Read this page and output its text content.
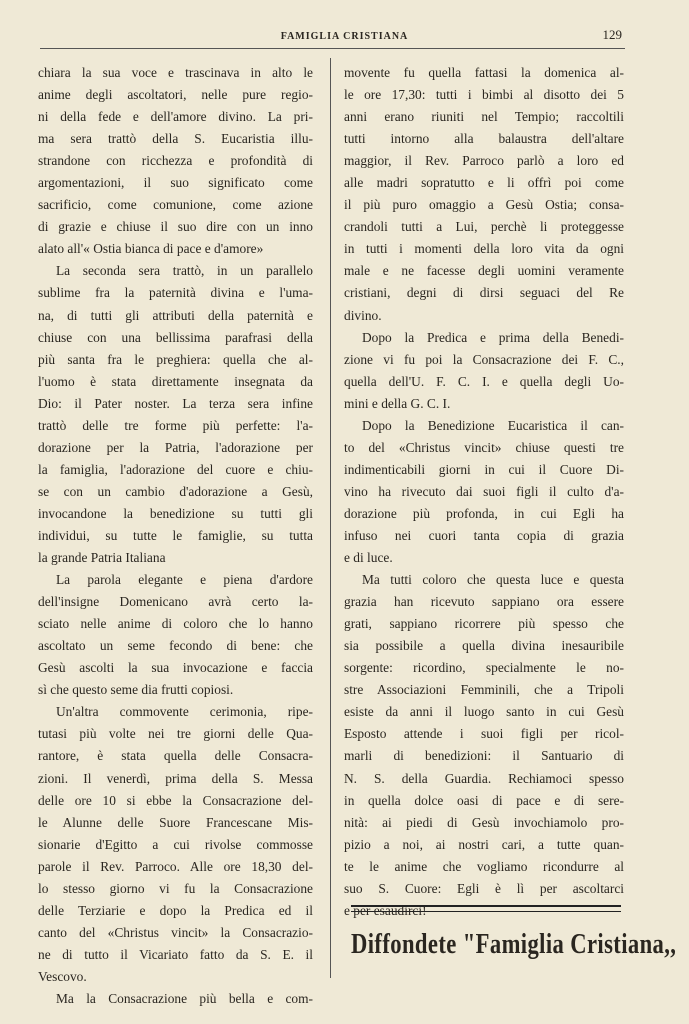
FAMIGLIA CRISTIANA	129
chiara la sua voce e trascinava in alto le
anime degli ascoltatori, nelle pure regio-
ni della fede e dell'amore divino. La pri-
ma sera trattò della S. Eucaristia illu-
strandone con ricchezza e profondità di
argomentazioni, il suo significato come
sacrificio, come comunione, come azione
di grazie e chiuse il suo dire con un inno
alato all'« Ostia bianca di pace e d'amore»
La seconda sera trattò, in un parallelo
sublime fra la paternità divina e l'uma-
na, di tutti gli attributi della paternità e
chiuse con una bellissima parafrasi della
più santa fra le preghiera: quella che al-
l'uomo è stata direttamente insegnata da
Dio: il Pater noster. La terza sera infine
trattò delle tre forme più perfette: l'a-
dorazione per la Patria, l'adorazione per
la famiglia, l'adorazione del cuore e chiu-
se con un cambio d'adorazione a Gesù,
invocandone la benedizione su tutti gli
individui, su tutte le famiglie, su tutta
la grande Patria Italiana
La parola elegante e piena d'ardore
dell'insigne Domenicano avrà certo la-
sciato nelle anime di coloro che lo hanno
ascoltato un seme fecondo di bene: che
Gesù ascolti la sua invocazione e faccia
sì che questo seme dia frutti copiosi.
Un'altra commovente cerimonia, ripe-
tutasi più volte nei tre giorni delle Qua-
rantore, è stata quella delle Consacra-
zioni. Il venerdì, prima della S. Messa
delle ore 10 si ebbe la Consacrazione del-
le Alunne delle Suore Francescane Mis-
sionarie d'Egitto a cui rivolse commosse
parole il Rev. Parroco. Alle ore 18,30 del-
lo stesso giorno vi fu la Consacrazione
delle Terziarie e dopo la Predica ed il
canto del «Christus vincit» la Consacrazio-
ne di tutto il Vicariato fatto da S. E. il
Vescovo.
Ma la Consacrazione più bella e com-
movente fu quella fattasi la domenica al-
le ore 17,30: tutti i bimbi al disotto dei 5
anni erano riuniti nel Tempio; raccoltili
tutti intorno alla balaustra dell'altare
maggior, il Rev. Parroco parlò a loro ed
alle madri sopratutto e li offrì poi come
il più puro omaggio a Gesù Ostia; consa-
crandoli tutti a Lui, perchè li proteggesse
in tutti i momenti della loro vita da ogni
male e ne facesse degli uomini veramente
cristiani, degni di dirsi seguaci del Re
divino.
Dopo la Predica e prima della Benedi-
zione vi fu poi la Consacrazione dei F. C.,
quella dell'U. F. C. I. e quella degli Uo-
mini e della G. C. I.
Dopo la Benedizione Eucaristica il can-
to del «Christus vincit» chiuse questi tre
indimenticabili giorni in cui il Cuore Di-
vino ha rivecuto dai suoi figli il culto d'a-
dorazione più profonda, in cui Egli ha
infuso nei cuori tanta copia di grazia
e di luce.
Ma tutti coloro che questa luce e questa
grazia han ricevuto sappiano ora essere
grati, sappiano ricorrere più spesso che
sia possibile a quella divina inesauribile
sorgente: ricordino, specialmente le no-
stre Associazioni Femminili, che a Tripoli
esiste da anni il luogo santo in cui Gesù
Esposto attende i suoi figli per ricol-
marli di benedizioni: il Santuario di
N. S. della Guardia. Rechiamoci spesso
in quella dolce oasi di pace e di sere-
nità: ai piedi di Gesù invochiamolo pro-
pizio a noi, ai nostri cari, a tutte quan-
te le anime che vogliamo ricondurre al
suo S. Cuore: Egli è lì per ascoltarci
e per esaudirci!
Diffondete "Famiglia Cristiana,,
